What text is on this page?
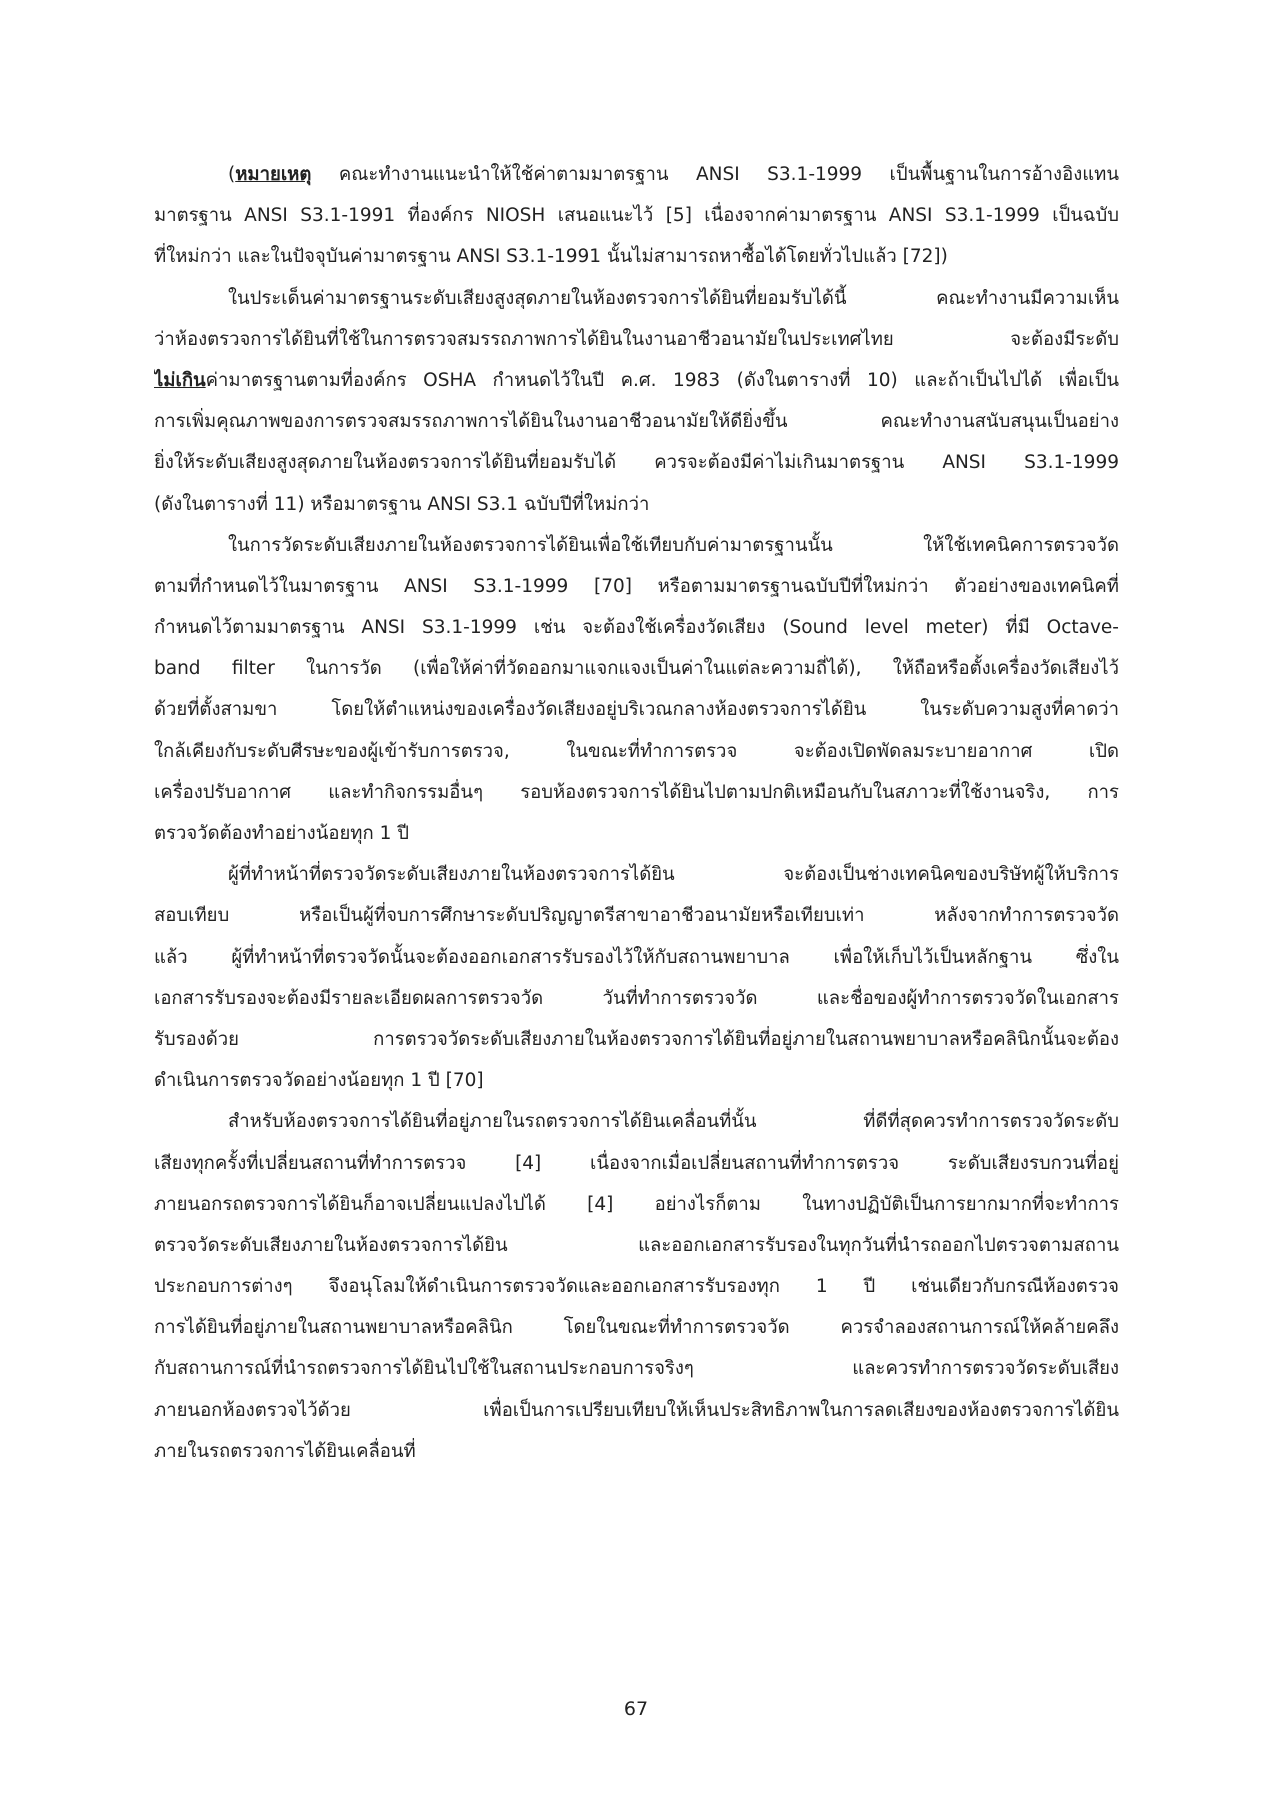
(หมายเหตุ คณะทำงานแนะนำให้ใช้ค่าตามมาตรฐาน ANSI S3.1-1999 เป็นพื้นฐานในการอ้างอิงแทน
มาตรฐาน ANSI S3.1-1991 ที่องค์กร NIOSH เสนอแนะไว้ [5] เนื่องจากค่ามาตรฐาน ANSI S3.1-1999 เป็นฉบับ
ที่ใหม่กว่า และในปัจจุบันค่ามาตรฐาน ANSI S3.1-1991 นั้นไม่สามารถหาซื้อได้โดยทั่วไปแล้ว [72])
ในประเด็นค่ามาตรฐานระดับเสียงสูงสุดภายในห้องตรวจการได้ยินที่ยอมรับได้นี้ คณะทำงานมีความเห็น
ว่าห้องตรวจการได้ยินที่ใช้ในการตรวจสมรรถภาพการได้ยินในงานอาชีวอนามัยในประเทศไทย จะต้องมีระดับ
ไม่เกินค่ามาตรฐานตามที่องค์กร OSHA กำหนดไว้ในปี ค.ศ. 1983 (ดังในตารางที่ 10) และถ้าเป็นไปได้ เพื่อเป็น
การเพิ่มคุณภาพของการตรวจสมรรถภาพการได้ยินในงานอาชีวอนามัยให้ดียิ่งขึ้น คณะทำงานสนับสนุนเป็นอย่าง
ยิ่งให้ระดับเสียงสูงสุดภายในห้องตรวจการได้ยินที่ยอมรับได้ ควรจะต้องมีค่าไม่เกินมาตรฐาน ANSI S3.1-1999
(ดังในตารางที่ 11) หรือมาตรฐาน ANSI S3.1 ฉบับปีที่ใหม่กว่า
ในการวัดระดับเสียงภายในห้องตรวจการได้ยินเพื่อใช้เทียบกับค่ามาตรฐานนั้น ให้ใช้เทคนิคการตรวจวัด
ตามที่กำหนดไว้ในมาตรฐาน ANSI S3.1-1999 [70] หรือตามมาตรฐานฉบับปีที่ใหม่กว่า ตัวอย่างของเทคนิคที่
กำหนดไว้ตามมาตรฐาน ANSI S3.1-1999 เช่น จะต้องใช้เครื่องวัดเสียง (Sound level meter) ที่มี Octave-
band filter ในการวัด (เพื่อให้ค่าที่วัดออกมาแจกแจงเป็นค่าในแต่ละความถี่ได้), ให้ถือหรือตั้งเครื่องวัดเสียงไว้
ด้วยที่ตั้งสามขา โดยให้ตำแหน่งของเครื่องวัดเสียงอยู่บริเวณกลางห้องตรวจการได้ยิน ในระดับความสูงที่คาดว่า
ใกล้เคียงกับระดับศีรษะของผู้เข้ารับการตรวจ, ในขณะที่ทำการตรวจ จะต้องเปิดพัดลมระบายอากาศ เปิด
เครื่องปรับอากาศ และทำกิจกรรมอื่นๆ รอบห้องตรวจการได้ยินไปตามปกติเหมือนกับในสภาวะที่ใช้งานจริง, การ
ตรวจวัดต้องทำอย่างน้อยทุก 1 ปี
ผู้ที่ทำหน้าที่ตรวจวัดระดับเสียงภายในห้องตรวจการได้ยิน จะต้องเป็นช่างเทคนิคของบริษัทผู้ให้บริการ
สอบเทียบ หรือเป็นผู้ที่จบการศึกษาระดับปริญญาตรีสาขาอาชีวอนามัยหรือเทียบเท่า หลังจากทำการตรวจวัด
แล้ว ผู้ที่ทำหน้าที่ตรวจวัดนั้นจะต้องออกเอกสารรับรองไว้ให้กับสถานพยาบาล เพื่อให้เก็บไว้เป็นหลักฐาน ซึ่งใน
เอกสารรับรองจะต้องมีรายละเอียดผลการตรวจวัด วันที่ทำการตรวจวัด และชื่อของผู้ทำการตรวจวัดในเอกสาร
รับรองด้วย การตรวจวัดระดับเสียงภายในห้องตรวจการได้ยินที่อยู่ภายในสถานพยาบาลหรือคลินิกนั้นจะต้อง
ดำเนินการตรวจวัดอย่างน้อยทุก 1 ปี [70]
สำหรับห้องตรวจการได้ยินที่อยู่ภายในรถตรวจการได้ยินเคลื่อนที่นั้น ที่ดีที่สุดควรทำการตรวจวัดระดับ
เสียงทุกครั้งที่เปลี่ยนสถานที่ทำการตรวจ [4] เนื่องจากเมื่อเปลี่ยนสถานที่ทำการตรวจ ระดับเสียงรบกวนที่อยู่
ภายนอกรถตรวจการได้ยินก็อาจเปลี่ยนแปลงไปได้ [4] อย่างไรก็ตาม ในทางปฏิบัติเป็นการยากมากที่จะทำการ
ตรวจวัดระดับเสียงภายในห้องตรวจการได้ยิน และออกเอกสารรับรองในทุกวันที่นำรถออกไปตรวจตามสถาน
ประกอบการต่างๆ จึงอนุโลมให้ดำเนินการตรวจวัดและออกเอกสารรับรองทุก 1 ปี เช่นเดียวกับกรณีห้องตรวจ
การได้ยินที่อยู่ภายในสถานพยาบาลหรือคลินิก โดยในขณะที่ทำการตรวจวัด ควรจำลองสถานการณ์ให้คล้ายคลึง
กับสถานการณ์ที่นำรถตรวจการได้ยินไปใช้ในสถานประกอบการจริงๆ และควรทำการตรวจวัดระดับเสียง
ภายนอกห้องตรวจไว้ด้วย เพื่อเป็นการเปรียบเทียบให้เห็นประสิทธิภาพในการลดเสียงของห้องตรวจการได้ยิน
ภายในรถตรวจการได้ยินเคลื่อนที่
67
